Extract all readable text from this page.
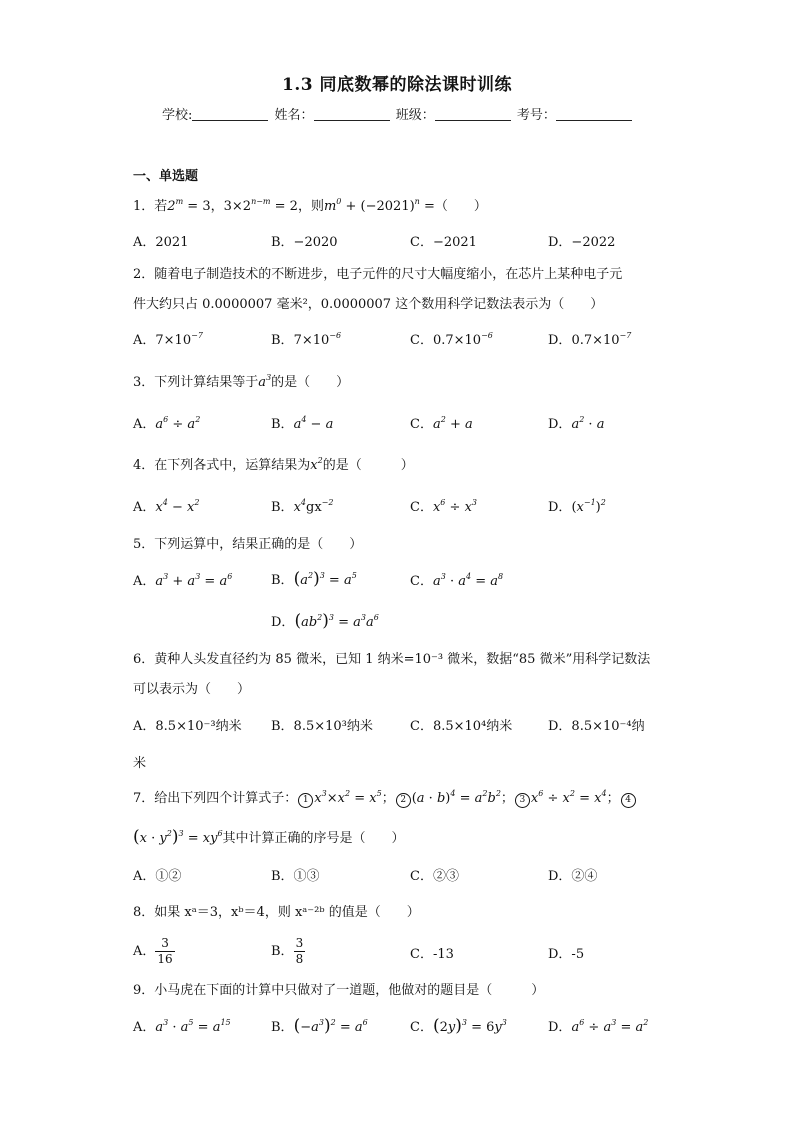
1.3 同底数幂的除法课时训练
学校:	姓名：	班级：	考号：
一、单选题
1．若$2^m = 3$，$3\times 2^{n-m} = 2$，则$m^0 + (-2021)^n$ =（　　）
A．2021	B．−2020	C．−2021	D．−2022
2．随着电子制造技术的不断进步，电子元件的尺寸大幅度缩小，在芯片上某种电子元
件大约只占 0.0000007 毫米²，0.0000007 这个数用科学记数法表示为（　　）
A．$7\times 10^{-7}$	B．$7\times 10^{-6}$	C．$0.7\times 10^{-6}$	D．$0.7\times 10^{-7}$
3．下列计算结果等于$a^3$的是（　　）
A．$a^6 \div a^2$	B．$a^4 - a$	C．$a^2 + a$	D．$a^2 \cdot a$
4．在下列各式中，运算结果为$x^2$的是（　　　）
A．$x^4 - x^2$	B．$x^4gx^{-2}$	C．$x^6 \div x^3$	D．$(x^{-1})^2$
5．下列运算中，结果正确的是（　　）
A．$a^3 + a^3 = a^6$	B．$(a^2)^3 = a^5$	C．$a^3 \cdot a^4 = a^8$
D．$(ab^2)^3 = a^3a^6$
6．黄种人头发直径约为 85 微米，已知 1 纳米=10⁻³ 微米，数据“85 微米”用科学记数法
可以表示为（　　）
A．8.5×10⁻³纳米 B．8.5×10³纳米	C．8.5×10⁴纳米	D．8.5×10⁻⁴纳
米
7．给出下列四个计算式子： 1 $x^3\times x^2 = x^5$； 2 $(a \cdot b)^4 = a^2b^2$； 3 $x^6 \div x^2 = x^4$； 4
$(x \cdot y^2)^3 = xy^6$其中计算正确的序号是（　　）
A．①②	B．①③	C．②③	D．②④
8．如果 xᵃ＝3，xᵇ＝4，则 xᵃ⁻²ᵇ 的值是（　　）
A． $\frac{3}{16}$	B． $\frac{3}{8}$	C．-13	D．-5
9．小马虎在下面的计算中只做对了一道题，他做对的题目是（　　　）
A．$a^3 \cdot a^5 = a^{15}$	B．$(-a^3)^2 = a^6$	C．$(2y)^3 = 6y^3$	D．$a^6 \div a^3 = a^2$
